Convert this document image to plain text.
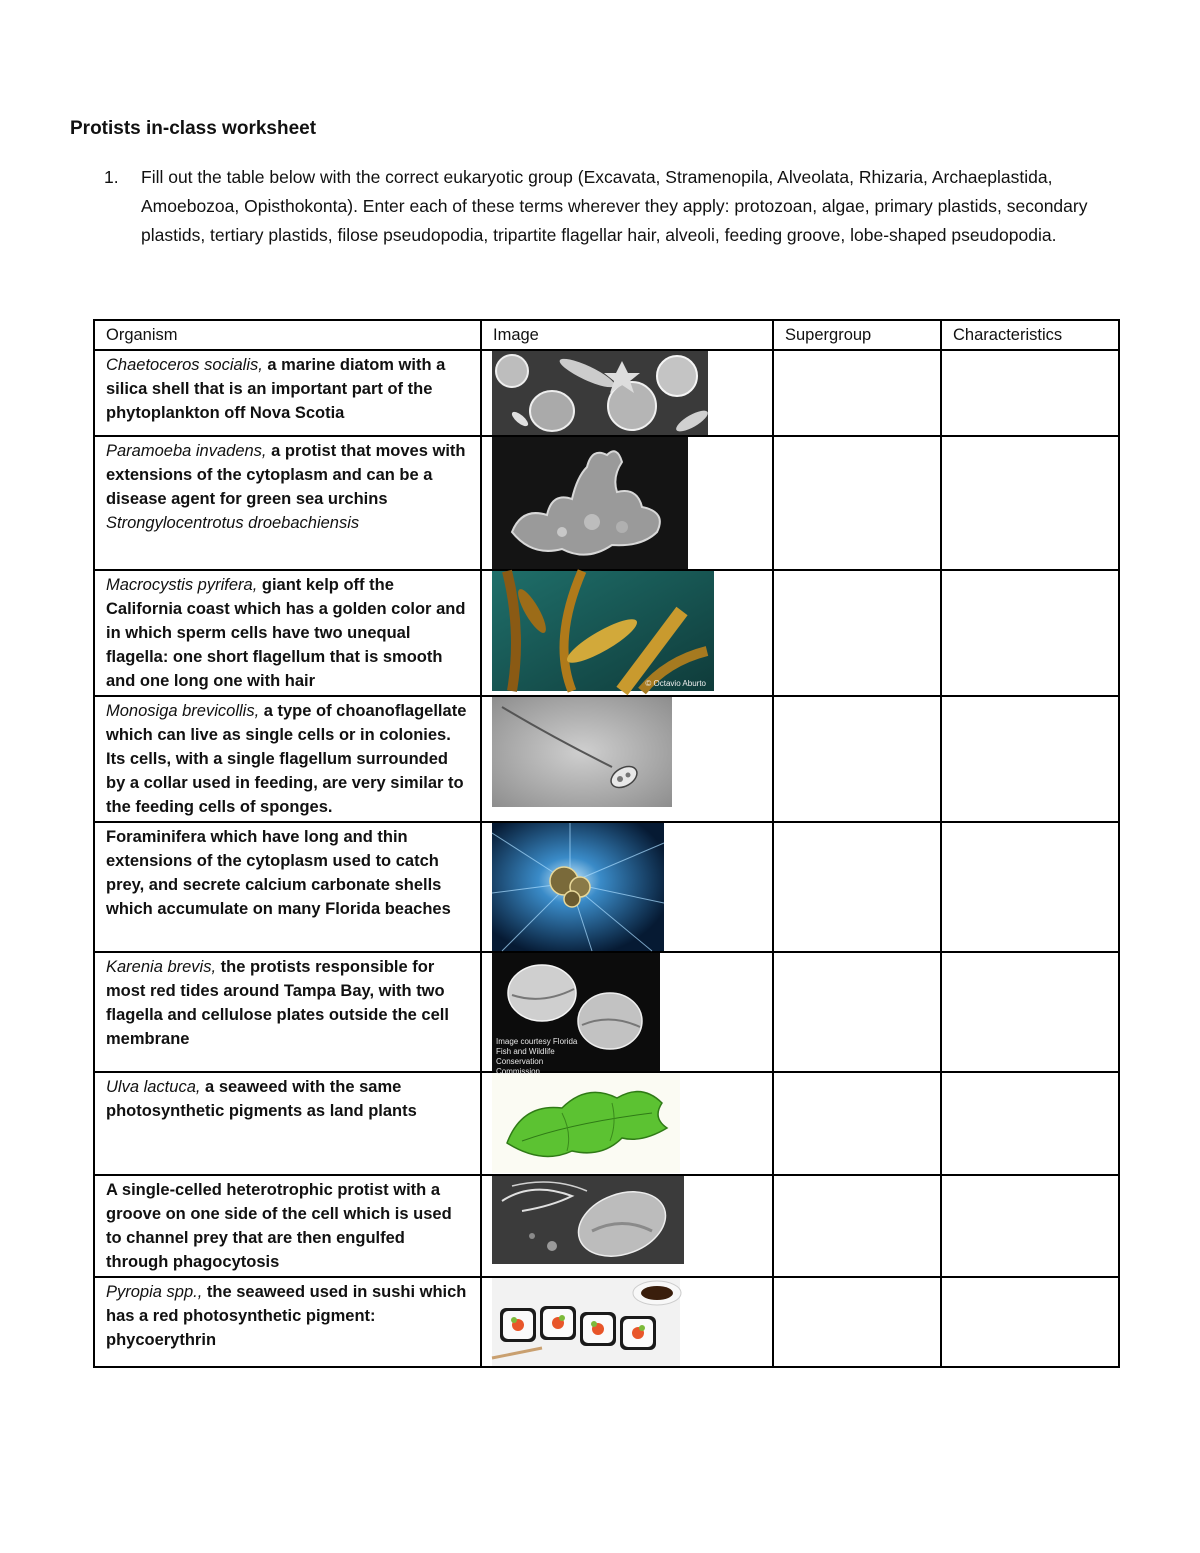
Protists in-class worksheet
1. Fill out the table below with the correct eukaryotic group (Excavata, Stramenopila, Alveolata, Rhizaria, Archaeplastida, Amoebozoa, Opisthokonta). Enter each of these terms wherever they apply: protozoan, algae, primary plastids, secondary plastids, tertiary plastids, filose pseudopodia, tripartite flagellar hair, alveoli, feeding groove, lobe-shaped pseudopodia.
Organism	Image	Supergroup	Characteristics
Chaetoceros socialis, a marine diatom with a silica shell that is an important part of the phytoplankton off Nova Scotia	

Paramoeba invadens, a protist that moves with extensions of the cytoplasm and can be a disease agent for green sea urchins Strongylocentrotus droebachiensis	

Macrocystis pyrifera, giant kelp off the California coast which has a golden color and in which sperm cells have two unequal flagella: one short flagellum that is smooth and one long one with hair	© Octavio Aburto		

Monosiga brevicollis, a type of choanoflagellate which can live as single cells or in colonies. Its cells, with a single flagellum surrounded by a collar used in feeding, are very similar to the feeding cells of sponges.	

Foraminifera which have long and thin extensions of the cytoplasm used to catch prey, and secrete calcium carbonate shells which accumulate on many Florida beaches	

Karenia brevis, the protists responsible for most red tides around Tampa Bay, with two flagella and cellulose plates outside the cell membrane	Image courtesy Florida Fish and Wildlife Conservation Commission		

Ulva lactuca, a seaweed with the same photosynthetic pigments as land plants	

A single-celled heterotrophic protist with a groove on one side of the cell which is used to channel prey that are then engulfed through phagocytosis	

Pyropia spp., the seaweed used in sushi which has a red photosynthetic pigment: phycoerythrin	
